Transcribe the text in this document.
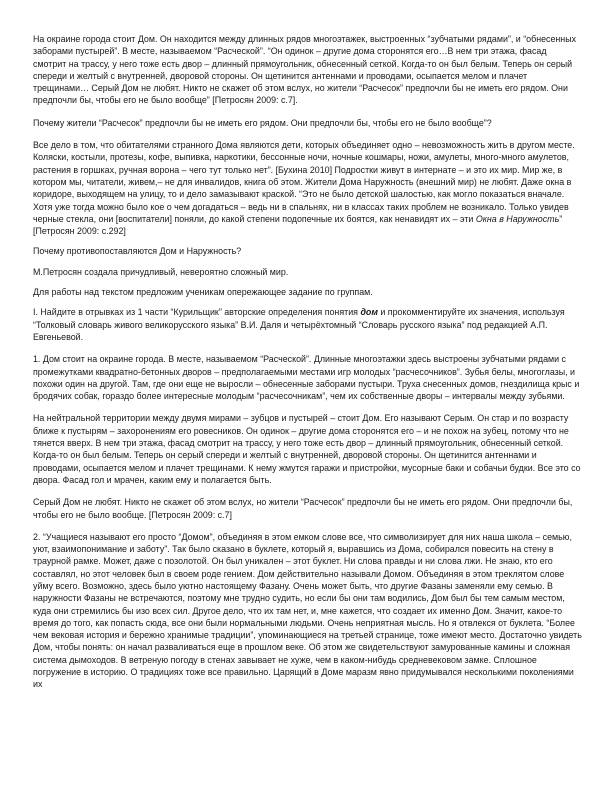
На окраине города стоит Дом. Он находится между длинных рядов многоэтажек, выстроенных “зубчатыми рядами”, и “обнесенных заборами пустырей”. В месте, называемом “Расческой”. “Он одинок – другие дома сторонятся его…В нем три этажа, фасад смотрит на трассу, у него тоже есть двор – длинный прямоугольник, обнесенный сеткой. Когда-то он был белым. Теперь он серый спереди и желтый с внутренней, дворовой стороны. Он щетинится антеннами и проводами, осыпается мелом и плачет трещинами… Серый Дом не любят. Никто не скажет об этом вслух, но жители “Расчесок” предпочли бы не иметь его рядом. Они предпочли бы, чтобы его не было вообще” [Петросян 2009: с.7].

Почему жители “Расчесок” предпочли бы не иметь его рядом. Они предпочли бы, чтобы его не было вообще”?

Все дело в том, что обитателями странного Дома являются дети, которых объединяет одно – невозможность жить в другом месте. Коляски, костыли, протезы, кофе, выпивка, наркотики, бессонные ночи, ночные кошмары, ножи, амулеты, много-много амулетов, растения в горшках, ручная ворона – чего тут только нет”. [Бухина 2010] Подростки живут в интернате – и это их мир. Мир же, в котором мы, читатели, живем,– не для инвалидов, книга об этом. Жители Дома Наружность (внешний мир) не любят. Даже окна в коридоре, выходящем на улицу, то и дело замазывают краской. “Это не было детской шалостью, как могло показаться вначале. Хотя уже тогда можно было кое о чем догадаться – ведь ни в спальнях, ни в классах таких проблем не возникало. Только увидев черные стекла, они [воспитатели] поняли, до какой степени подопечные их боятся, как ненавидят их – эти Окна в Наружность” [Петросян 2009: с.292]

Почему противопоставляются Дом и Наружность?

М.Петросян создала причудливый, невероятно сложный мир.

Для работы над текстом предложим ученикам опережающее задание по группам.

I. Найдите в отрывках из 1 части “Курильщик” авторские определения понятия дом и прокомментируйте их значения, используя “Толковый словарь живого великорусского языка” В.И. Даля и четырёхтомный “Словарь русского языка” под редакцией А.П. Евгеньевой.

1. Дом стоит на окраине города. В месте, называемом “Расческой”. Длинные многоэтажки здесь выстроены зубчатыми рядами с промежутками квадратно-бетонных дворов – предполагаемыми местами игр молодых “расчесочников”. Зубья белы, многоглазы, и похожи один на другой. Там, где они еще не выросли – обнесенные заборами пустыри. Труха снесенных домов, гнездилища крыс и бродячих собак, гораздо более интересные молодым “расчесочникам”, чем их собственные дворы – интервалы между зубьями.

На нейтральной территории между двумя мирами – зубцов и пустырей – стоит Дом. Его называют Серым. Он стар и по возрасту ближе к пустырям – захоронениям его ровесников. Он одинок – другие дома сторонятся его – и не похож на зубец, потому что не тянется вверх. В нем три этажа, фасад смотрит на трассу, у него тоже есть двор – длинный прямоугольник, обнесенный сеткой. Когда-то он был белым. Теперь он серый спереди и желтый с внутренней, дворовой стороны. Он щетинится антеннами и проводами, осыпается мелом и плачет трещинами. К нему жмутся гаражи и пристройки, мусорные баки и собачьи будки. Все это со двора. Фасад гол и мрачен, каким ему и полагается быть.

Серый Дом не любят. Никто не скажет об этом вслух, но жители “Расчесок” предпочли бы не иметь его рядом. Они предпочли бы, чтобы его не было вообще. [Петросян 2009: с.7]

2. “Учащиеся называют его просто “Домом”, объединяя в этом емком слове все, что символизирует для них наша школа – семью, уют, взаимопонимание и заботу”. Так было сказано в буклете, который я, выравшись из Дома, собирался повесить на стену в траурной рамке. Может, даже с позолотой. Он был уникален – этот буклет. Ни слова правды и ни слова лжи. Не знаю, кто его составлял, но этот человек был в своем роде гением. Дом действительно называли Домом. Объединяя в этом треклятом слове уйму всего. Возможно, здесь было уютно настоящему Фазану. Очень может быть, что другие Фазаны заменяли ему семью. В наружности Фазаны не встречаются, поэтому мне трудно судить, но если бы они там водились, Дом был бы тем самым местом, куда они стремились бы изо всех сил. Другое дело, что их там нет, и, мне кажется, что создает их именно Дом. Значит, какое-то время до того, как попасть сюда, все они были нормальными людьми. Очень неприятная мысль. Но я отвлекся от буклета. “Более чем вековая история и бережно хранимые традиции”, упоминающиеся на третьей странице, тоже имеют место. Достаточно увидеть Дом, чтобы понять: он начал разваливаться еще в прошлом веке. Об этом же свидетельствуют замурованные камины и сложная система дымоходов. В ветреную погоду в стенах завывает не хуже, чем в каком-нибудь средневековом замке. Сплошное погружение в историю. О традициях тоже все правильно. Царящий в Доме маразм явно придумывался несколькими поколениями их
